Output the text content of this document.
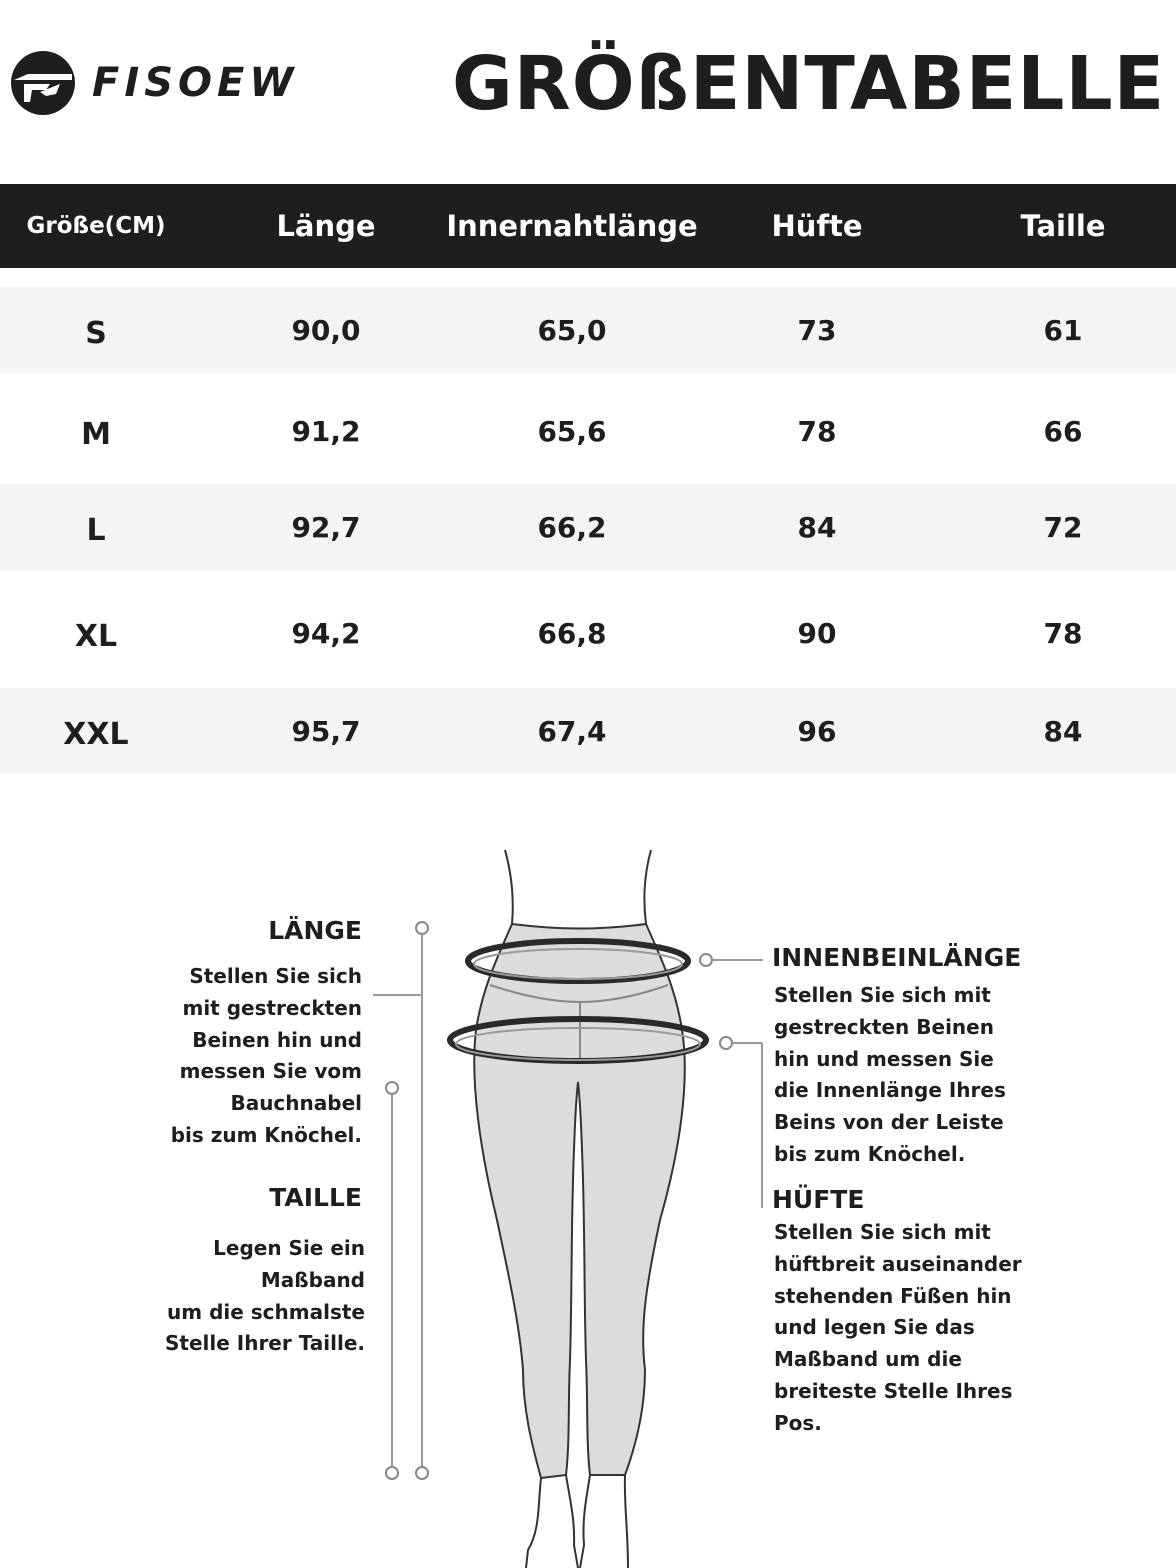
FISOEW GRÖßENTABELLE
Größe(CM)	Länge	Innernahtlänge	Hüfte	Taille
S	90,0	65,0	73	61
M	91,2	65,6	78	66
L	92,7	66,2	84	72
XL	94,2	66,8	90	78
XXL	95,7	67,4	96	84
LÄNGE

Stellen Sie sich
mit gestreckten
Beinen hin und
messen Sie vom
Bauchnabel
bis zum Knöchel.

TAILLE

Legen Sie ein
Maßband
um die schmalste
Stelle Ihrer Taille.

INNENBEINLÄNGE

Stellen Sie sich mit
gestreckten Beinen
hin und messen Sie
die Innenlänge Ihres
Beins von der Leiste
bis zum Knöchel.

HÜFTE

Stellen Sie sich mit
hüftbreit auseinander
stehenden Füßen hin
und legen Sie das
Maßband um die
breiteste Stelle Ihres Pos.
